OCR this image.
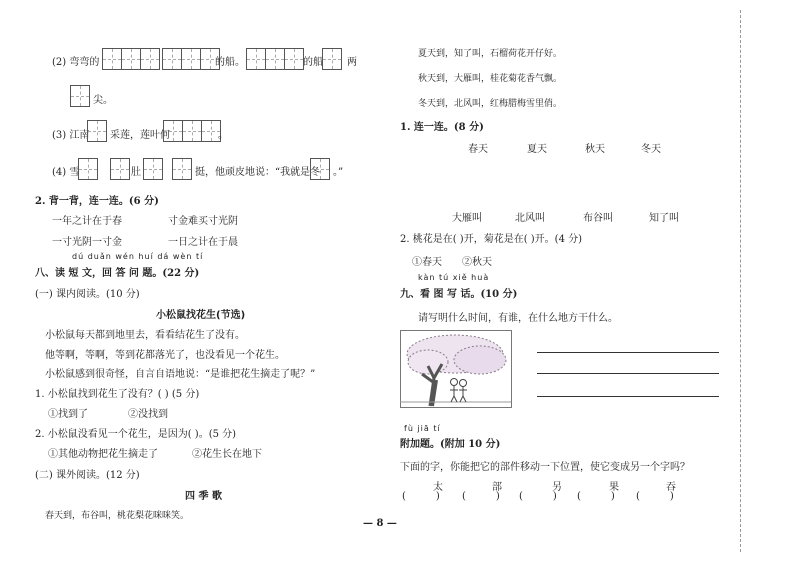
(2) 弯弯的	的船。	的船 两
尖。
(3) 江南 采莲，莲叶何	。
(4) 雪	肚	挺，他顽皮地说：“我就是冬 。”
2. 背一背，连一连。(6 分)
一年之计在于春	寸金难买寸光阴
一寸光阴一寸金	一日之计在于晨
dú duǎn wén huí dá wèn tí
八、读 短 文，回 答 问 题。(22 分)
(一) 课内阅读。(10 分)
小松鼠找花生(节选)
小松鼠每天都到地里去，看看结花生了没有。
他等啊，等啊，等到花都落光了，也没看见一个花生。
小松鼠感到很奇怪，自言自语地说：“是谁把花生摘走了呢？”
1. 小松鼠找到花生了没有？( ) (5 分)
①找到了	②没找到
2. 小松鼠没看见一个花生，是因为( )。(5 分)
①其他动物把花生摘走了	②花生长在地下
(二) 课外阅读。(12 分)
四 季 歌
春天到，布谷叫，桃花梨花咪咪笑。
夏天到，知了叫，石榴荷花开仔好。
秋天到，大雁叫，桂花菊花香气飘。
冬天到，北风叫，红梅腊梅雪里俏。
1. 连一连。(8 分)
春天	夏天	秋天	冬天
大雁叫	北风叫	布谷叫	知了叫
2. 桃花是在( )开，菊花是在( )开。(4 分)
①春天 ②秋天
kàn tú xiě huà
九、看 图 写 话。(10 分)
请写明什么时间，有谁，在什么地方干什么。
fù jiā tí
附加题。(附加 10 分)
下面的字，你能把它的部件移动一下位置，使它变成另一个字吗？
太	部	另	果	吞
(   ) (   ) (   ) (   ) (   )
— 8 —
